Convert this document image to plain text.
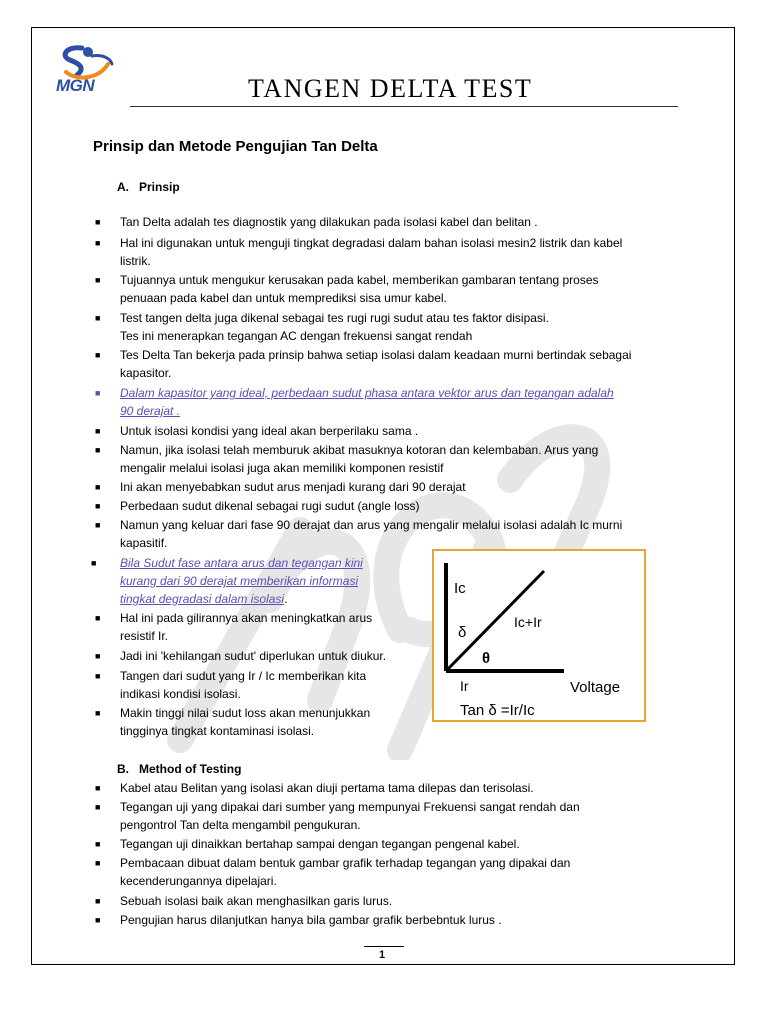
MGN	TANGEN DELTA TEST
Prinsip dan Metode Pengujian Tan Delta
A. Prinsip
■ Tan Delta adalah tes diagnostik yang dilakukan pada isolasi kabel dan belitan .
■ Hal ini digunakan untuk menguji tingkat degradasi dalam bahan isolasi mesin2 listrik dan kabel
listrik.
■ Tujuannya untuk mengukur kerusakan pada kabel, memberikan gambaran tentang proses
penuaan pada kabel dan untuk memprediksi sisa umur kabel.
■ Test tangen delta juga dikenal sebagai tes rugi rugi sudut atau tes faktor disipasi.
Tes ini menerapkan tegangan AC dengan frekuensi sangat rendah
■ Tes Delta Tan bekerja pada prinsip bahwa setiap isolasi dalam keadaan murni bertindak sebagai
kapasitor.
■ Dalam kapasitor yang ideal, perbedaan sudut phasa antara vektor arus dan tegangan adalah
90 derajat .
■ Untuk isolasi kondisi yang ideal akan berperilaku sama .
■ Namun, jika isolasi telah memburuk akibat masuknya kotoran dan kelembaban. Arus yang
mengalir melalui isolasi juga akan memiliki komponen resistif
■ Ini akan menyebabkan sudut arus menjadi kurang dari 90 derajat
■ Perbedaan sudut dikenal sebagai rugi sudut (angle loss)
■ Namun yang keluar dari fase 90 derajat dan arus yang mengalir melalui isolasi adalah Ic murni
kapasitif.
■ Bila Sudut fase antara arus dan tegangan kini
kurang dari 90 derajat memberikan informasi
tingkat degradasi dalam isolasi.
■ Hal ini pada gilirannya akan meningkatkan arus
resistif Ir.
■ Jadi ini 'kehilangan sudut' diperlukan untuk diukur.
■ Tangen dari sudut yang Ir / Ic memberikan kita
indikasi kondisi isolasi.
■ Makin tinggi nilai sudut loss akan menunjukkan
tingginya tingkat kontaminasi isolasi.
Ic
δ
Ic+Ir
θ
Ir	Voltage
Tan δ =Ir/Ic
B. Method of Testing
■ Kabel atau Belitan yang isolasi akan diuji pertama tama dilepas dan terisolasi.
■ Tegangan uji yang dipakai dari sumber yang mempunyai Frekuensi sangat rendah dan
pengontrol Tan delta mengambil pengukuran.
■ Tegangan uji dinaikkan bertahap sampai dengan tegangan pengenal kabel.
■ Pembacaan dibuat dalam bentuk gambar grafik terhadap tegangan yang dipakai dan
kecenderungannya dipelajari.
■ Sebuah isolasi baik akan menghasilkan garis lurus.
■ Pengujian harus dilanjutkan hanya bila gambar grafik berbebntuk lurus .
1
